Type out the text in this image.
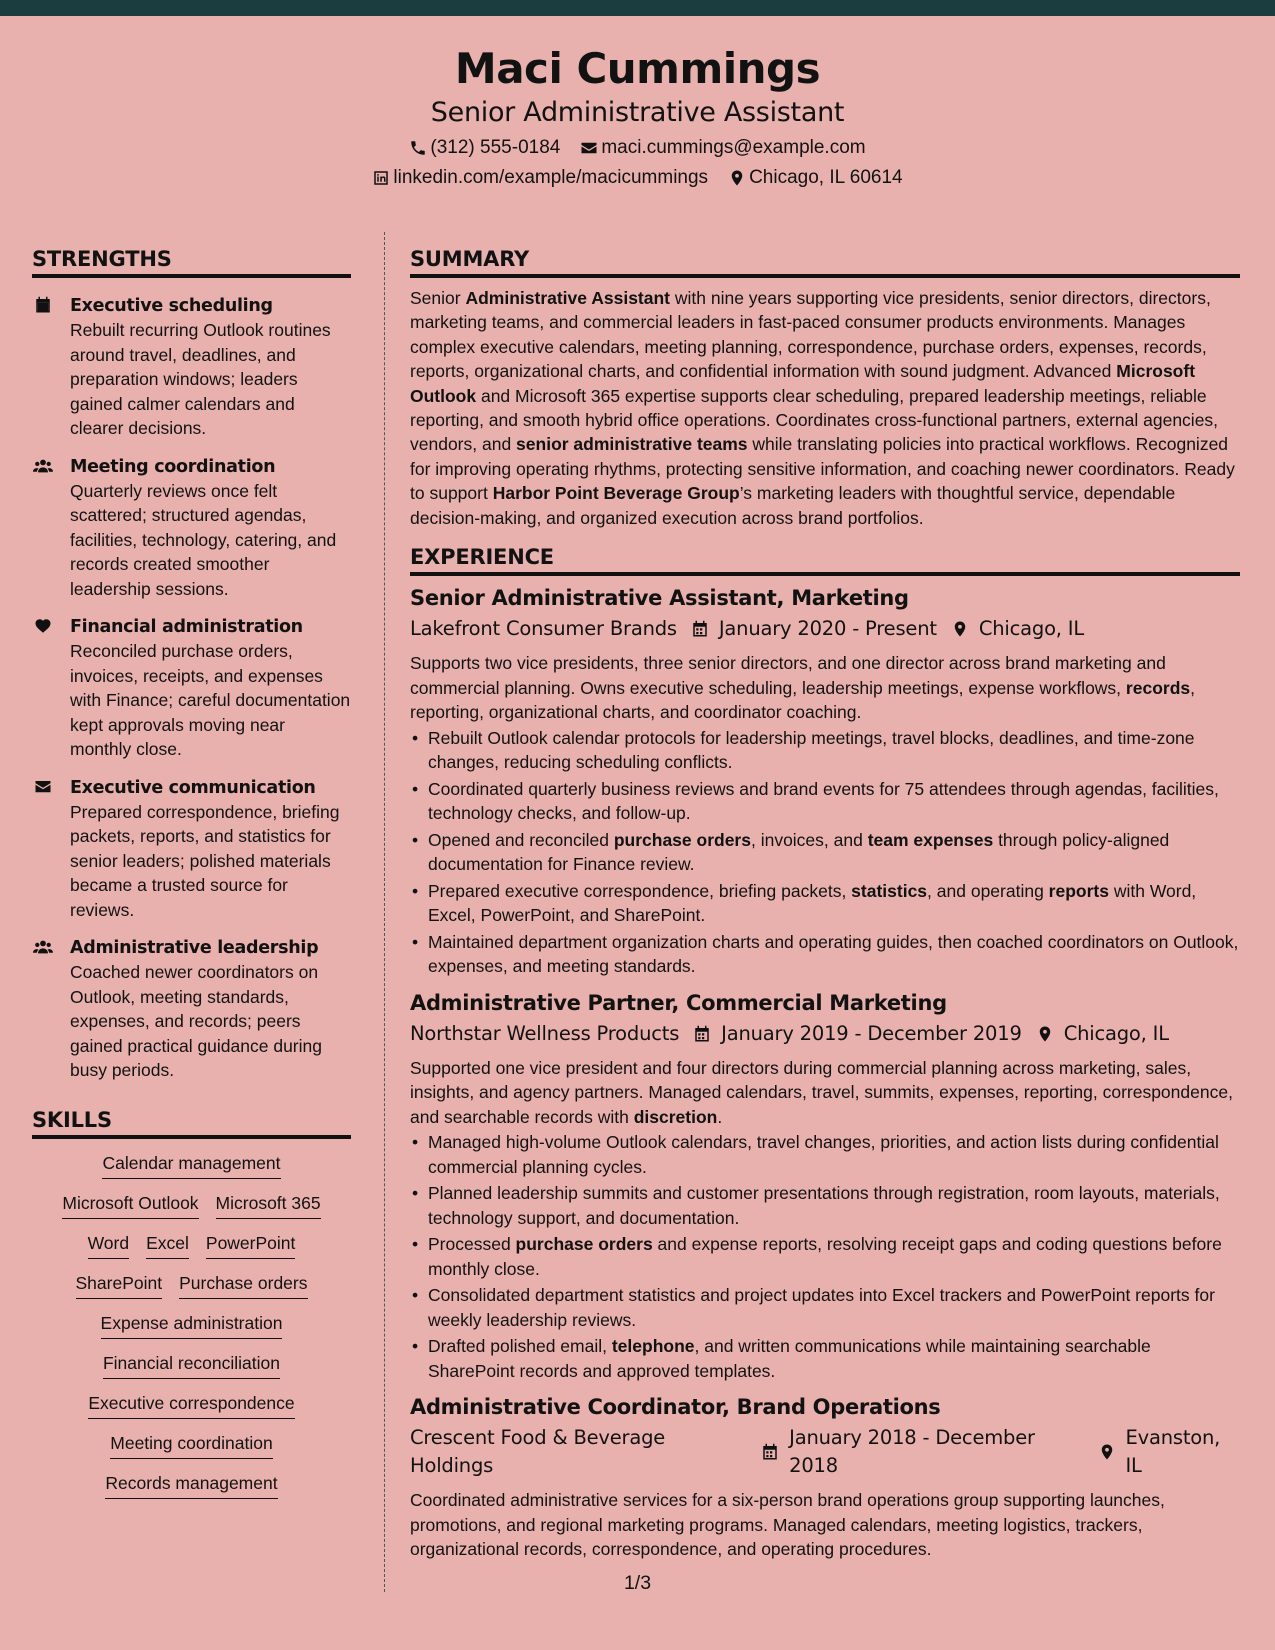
Maci Cummings
Senior Administrative Assistant
(312) 555-0184 maci.cummings@example.com
linkedin.com/example/macicummings Chicago, IL 60614
STRENGTHS
Executive scheduling
Rebuilt recurring Outlook routines around travel, deadlines, and preparation windows; leaders gained calmer calendars and clearer decisions.
Meeting coordination
Quarterly reviews once felt scattered; structured agendas, facilities, technology, catering, and records created smoother leadership sessions.
Financial administration
Reconciled purchase orders, invoices, receipts, and expenses with Finance; careful documentation kept approvals moving near monthly close.
Executive communication
Prepared correspondence, briefing packets, reports, and statistics for senior leaders; polished materials became a trusted source for reviews.
Administrative leadership
Coached newer coordinators on Outlook, meeting standards, expenses, and records; peers gained practical guidance during busy periods.
SKILLS
Calendar management
Microsoft Outlook Microsoft 365
Word Excel PowerPoint
SharePoint Purchase orders
Expense administration
Financial reconciliation
Executive correspondence
Meeting coordination
Records management
SUMMARY

Senior Administrative Assistant with nine years supporting vice presidents, senior directors, directors, marketing teams, and commercial leaders in fast-paced consumer products environments. Manages complex executive calendars, meeting planning, correspondence, purchase orders, expenses, records, reports, organizational charts, and confidential information with sound judgment. Advanced Microsoft Outlook and Microsoft 365 expertise supports clear scheduling, prepared leadership meetings, reliable reporting, and smooth hybrid office operations. Coordinates cross-functional partners, external agencies, vendors, and senior administrative teams while translating policies into practical workflows. Recognized for improving operating rhythms, protecting sensitive information, and coaching newer coordinators. Ready to support Harbor Point Beverage Group’s marketing leaders with thoughtful service, dependable decision-making, and organized execution across brand portfolios.

EXPERIENCE
Senior Administrative Assistant, Marketing
Lakefront Consumer Brands January 2020 - Present Chicago, IL

Supports two vice presidents, three senior directors, and one director across brand marketing and commercial planning. Owns executive scheduling, leadership meetings, expense workflows, records, reporting, organizational charts, and coordinator coaching.

• Rebuilt Outlook calendar protocols for leadership meetings, travel blocks, deadlines, and time-zone changes, reducing scheduling conflicts.
• Coordinated quarterly business reviews and brand events for 75 attendees through agendas, facilities, technology checks, and follow-up.
• Opened and reconciled purchase orders, invoices, and team expenses through policy-aligned documentation for Finance review.
• Prepared executive correspondence, briefing packets, statistics, and operating reports with Word, Excel, PowerPoint, and SharePoint.
• Maintained department organization charts and operating guides, then coached coordinators on Outlook, expenses, and meeting standards.
Administrative Partner, Commercial Marketing
Northstar Wellness Products January 2019 - December 2019 Chicago, IL

Supported one vice president and four directors during commercial planning across marketing, sales, insights, and agency partners. Managed calendars, travel, summits, expenses, reporting, correspondence, and searchable records with discretion.

• Managed high-volume Outlook calendars, travel changes, priorities, and action lists during confidential commercial planning cycles.
• Planned leadership summits and customer presentations through registration, room layouts, materials, technology support, and documentation.
• Processed purchase orders and expense reports, resolving receipt gaps and coding questions before monthly close.
• Consolidated department statistics and project updates into Excel trackers and PowerPoint reports for weekly leadership reviews.
• Drafted polished email, telephone, and written communications while maintaining searchable SharePoint records and approved templates.
Administrative Coordinator, Brand Operations
Crescent Food & Beverage Holdings
January 2018 - December 2018
Evanston, IL

Coordinated administrative services for a six-person brand operations group supporting launches, promotions, and regional marketing programs. Managed calendars, meeting logistics, trackers, organizational records, correspondence, and operating procedures.

1/3
